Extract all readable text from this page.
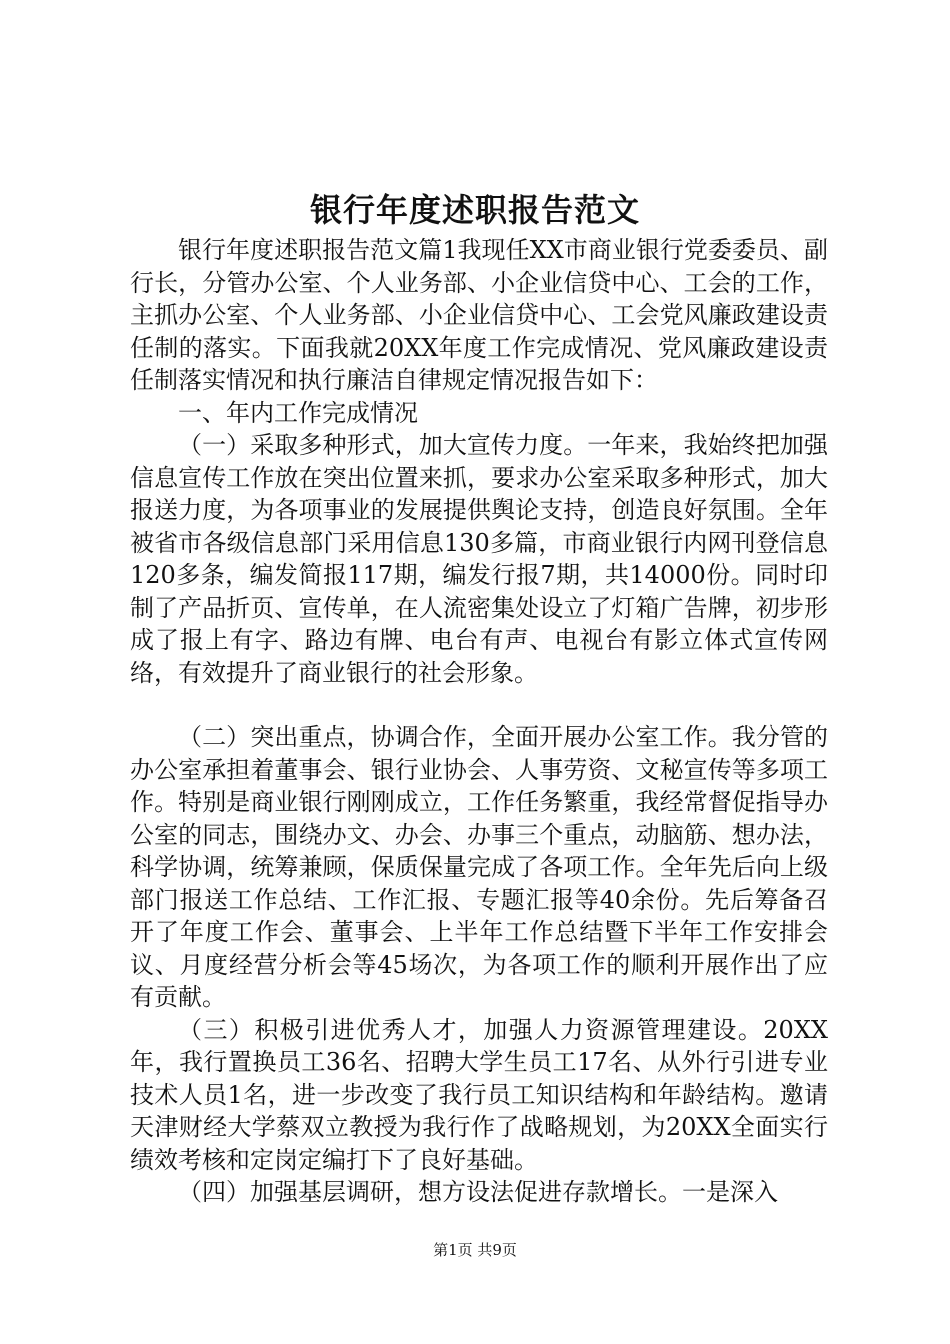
银行年度述职报告范文

银行年度述职报告范文篇1我现任XX市商业银行党委委员、副行长，分管办公室、个人业务部、小企业信贷中心、工会的工作，主抓办公室、个人业务部、小企业信贷中心、工会党风廉政建设责任制的落实。下面我就20XX年度工作完成情况、党风廉政建设责任制落实情况和执行廉洁自律规定情况报告如下：

一、年内工作完成情况

（一）采取多种形式，加大宣传力度。一年来，我始终把加强信息宣传工作放在突出位置来抓，要求办公室采取多种形式，加大报送力度，为各项事业的发展提供舆论支持，创造良好氛围。全年被省市各级信息部门采用信息130多篇，市商业银行内网刊登信息120多条，编发简报117期，编发行报7期，共14000份。同时印制了产品折页、宣传单，在人流密集处设立了灯箱广告牌，初步形成了报上有字、路边有牌、电台有声、电视台有影立体式宣传网络，有效提升了商业银行的社会形象。

（二）突出重点，协调合作，全面开展办公室工作。我分管的办公室承担着董事会、银行业协会、人事劳资、文秘宣传等多项工作。特别是商业银行刚刚成立，工作任务繁重，我经常督促指导办公室的同志，围绕办文、办会、办事三个重点，动脑筋、想办法，科学协调，统筹兼顾，保质保量完成了各项工作。全年先后向上级部门报送工作总结、工作汇报、专题汇报等40余份。先后筹备召开了年度工作会、董事会、上半年工作总结暨下半年工作安排会议、月度经营分析会等45场次，为各项工作的顺利开展作出了应有贡献。

（三）积极引进优秀人才，加强人力资源管理建设。20XX年，我行置换员工36名、招聘大学生员工17名、从外行引进专业技术人员1名，进一步改变了我行员工知识结构和年龄结构。邀请天津财经大学蔡双立教授为我行作了战略规划，为20XX全面实行绩效考核和定岗定编打下了良好基础。

（四）加强基层调研，想方设法促进存款增长。一是深入

第1页 共9页
